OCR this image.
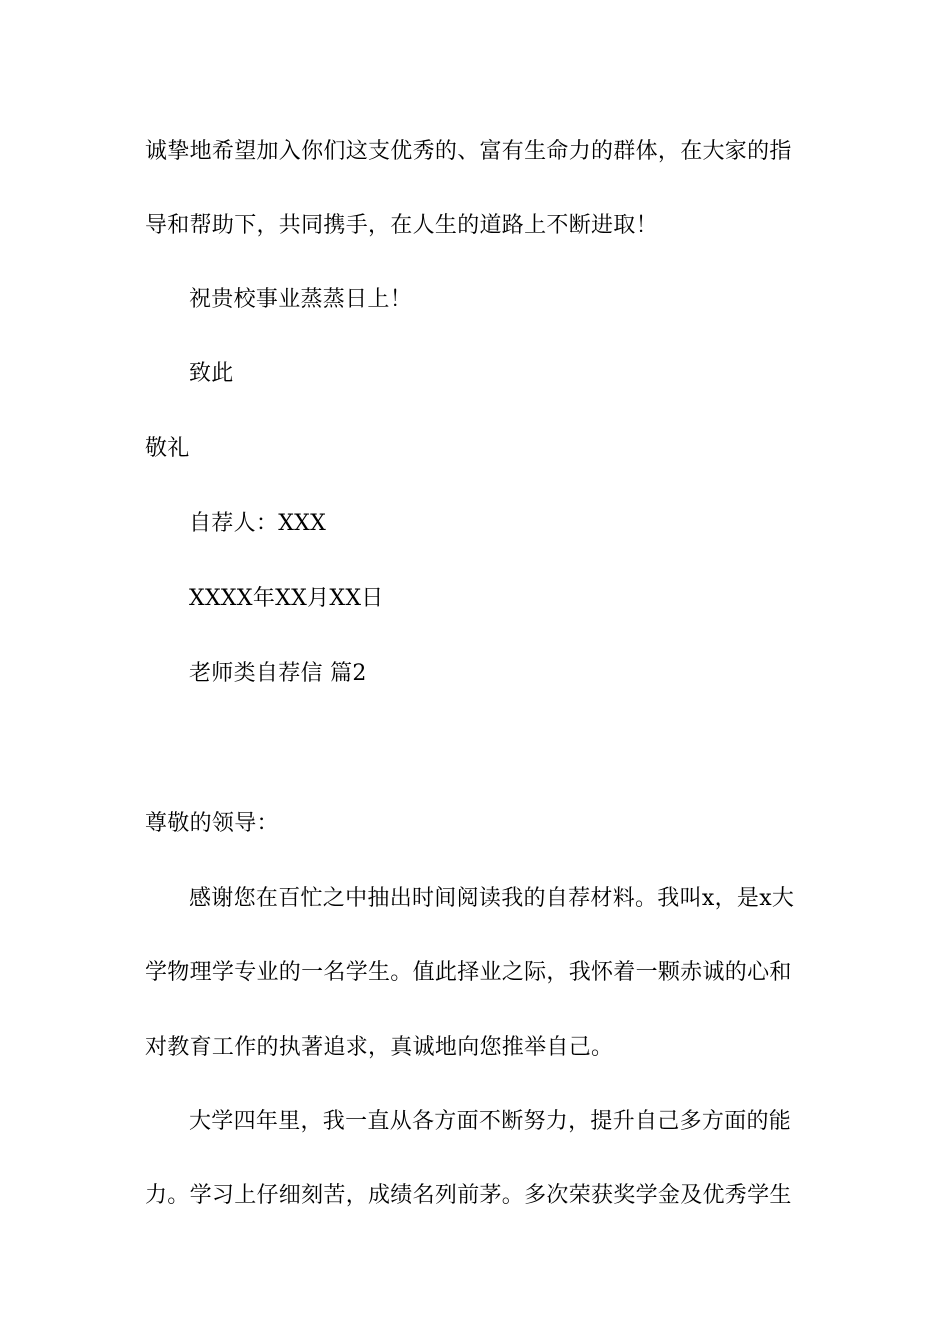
诚挚地希望加入你们这支优秀的、富有生命力的群体，在大家的指
导和帮助下，共同携手，在人生的道路上不断进取！
祝贵校事业蒸蒸日上！
致此
敬礼
自荐人：XXX
XXXX年XX月XX日
老师类自荐信 篇2
尊敬的领导：
感谢您在百忙之中抽出时间阅读我的自荐材料。我叫x，是x大
学物理学专业的一名学生。值此择业之际，我怀着一颗赤诚的心和
对教育工作的执著追求，真诚地向您推举自己。
大学四年里，我一直从各方面不断努力，提升自己多方面的能
力。学习上仔细刻苦，成绩名列前茅。多次荣获奖学金及优秀学生
